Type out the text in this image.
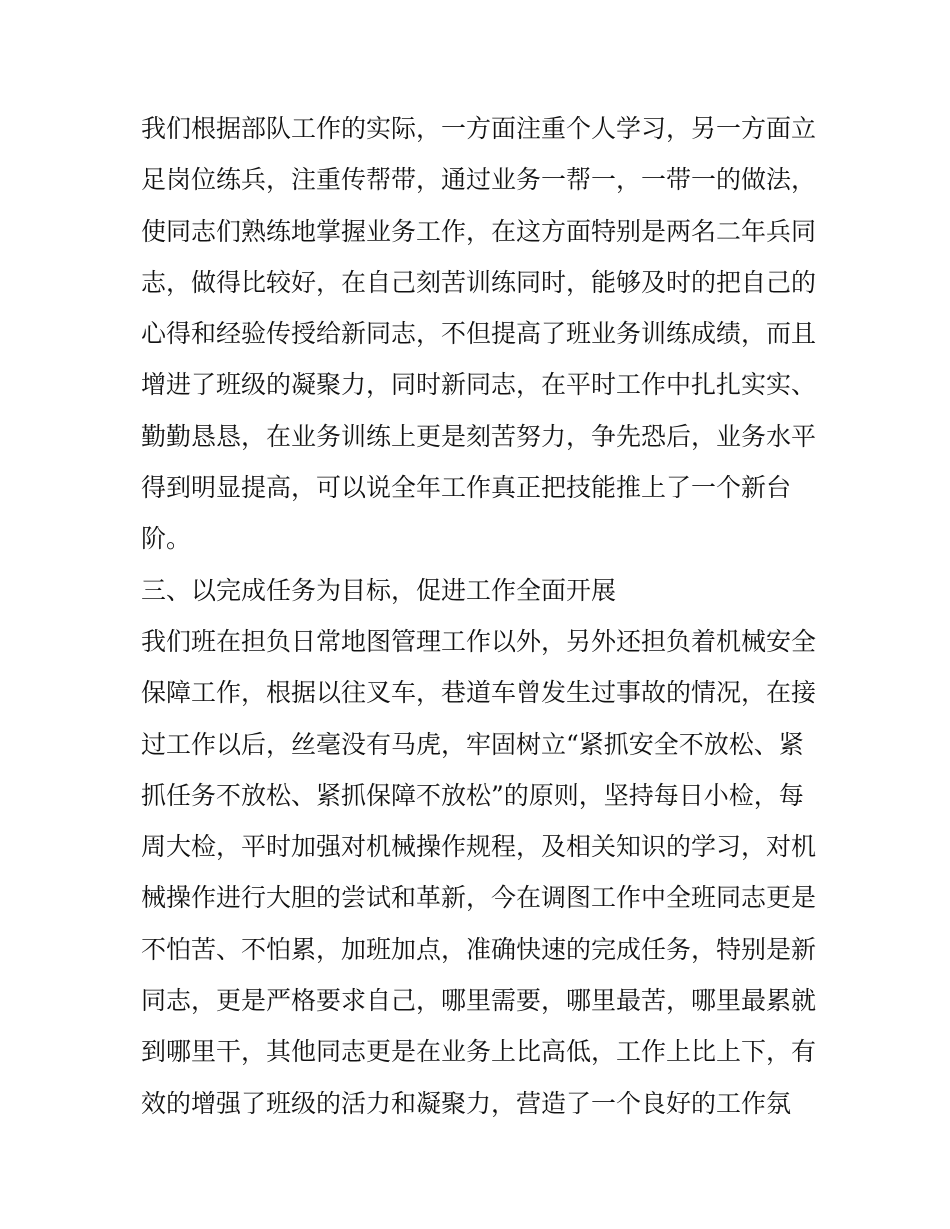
我们根据部队工作的实际，一方面注重个人学习，另一方面立
足岗位练兵，注重传帮带，通过业务一帮一，一带一的做法，
使同志们熟练地掌握业务工作，在这方面特别是两名二年兵同
志，做得比较好，在自己刻苦训练同时，能够及时的把自己的
心得和经验传授给新同志，不但提高了班业务训练成绩，而且
增进了班级的凝聚力，同时新同志，在平时工作中扎扎实实、
勤勤恳恳，在业务训练上更是刻苦努力，争先恐后，业务水平
得到明显提高，可以说全年工作真正把技能推上了一个新台
阶。
三、以完成任务为目标，促进工作全面开展
我们班在担负日常地图管理工作以外，另外还担负着机械安全
保障工作，根据以往叉车，巷道车曾发生过事故的情况，在接
过工作以后，丝毫没有马虎，牢固树立“紧抓安全不放松、紧
抓任务不放松、紧抓保障不放松”的原则，坚持每日小检，每
周大检，平时加强对机械操作规程，及相关知识的学习，对机
械操作进行大胆的尝试和革新，今在调图工作中全班同志更是
不怕苦、不怕累，加班加点，准确快速的完成任务，特别是新
同志，更是严格要求自己，哪里需要，哪里最苦，哪里最累就
到哪里干，其他同志更是在业务上比高低，工作上比上下，有
效的增强了班级的活力和凝聚力，营造了一个良好的工作氛
